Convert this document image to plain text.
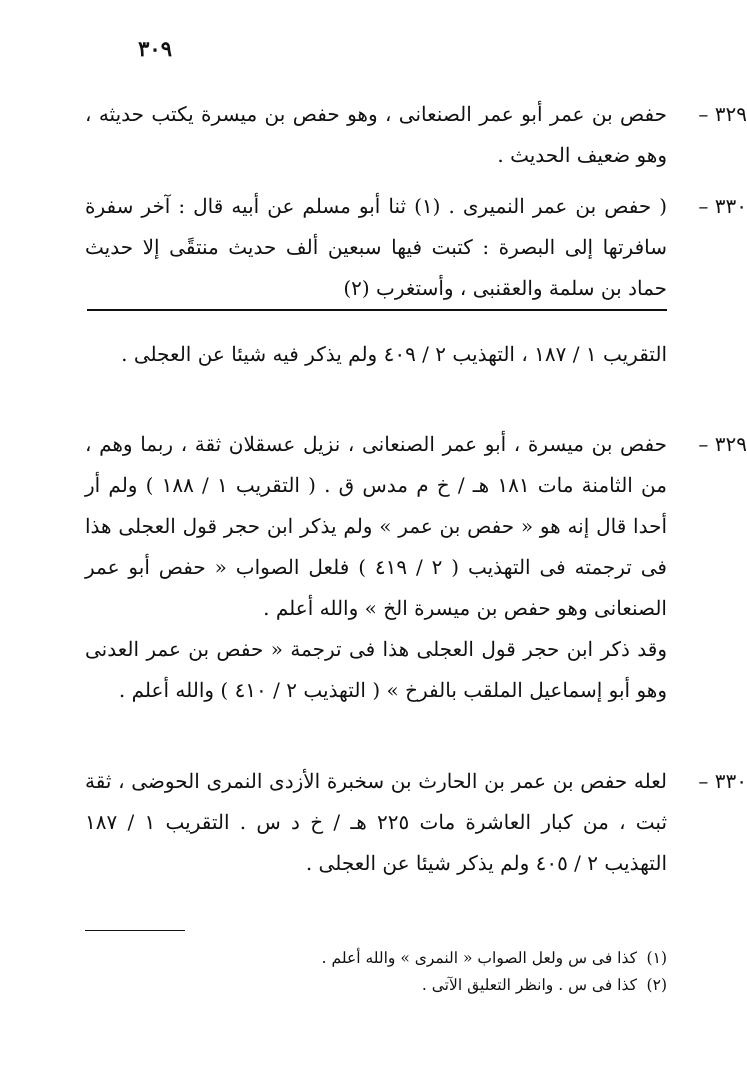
٣٠٩
٣٢٩ –

حفص بن عمر أبو عمر الصنعانى ، وهو حفص بن ميسرة يكتب حديثه ، وهو ضعيف الحديث .

٣٣٠ –

( حفص بن عمر النميرى . (١) ثنا أبو مسلم عن أبيه قال : آخر سفرة سافرتها إلى البصرة : كتبت فيها سبعين ألف حديث منتقًى إلا حديث حماد بن سلمة والعقنبى ، وأستغرب (٢)

التقريب ١ / ١٨٧ ، التهذيب ٢ / ٤٠٩ ولم يذكر فيه شيئا عن العجلى .

٣٢٩ –

حفص بن ميسرة ، أبو عمر الصنعانى ، نزيل عسقلان ثقة ، ربما وهم ، من الثامنة مات ١٨١ هـ / خ م مدس ق . ( التقريب ١ / ١٨٨ ) ولم أر أحدا قال إنه هو « حفص بن عمر » ولم يذكر ابن حجر قول العجلى هذا فى ترجمته فى التهذيب ( ٢ / ٤١٩ ) فلعل الصواب « حفص أبو عمر الصنعانى وهو حفص بن ميسرة الخ » والله أعلم .

وقد ذكر ابن حجر قول العجلى هذا فى ترجمة « حفص بن عمر العدنى وهو أبو إسماعيل الملقب بالفرخ » ( التهذيب ٢ / ٤١٠ ) والله أعلم .

٣٣٠ –

لعله حفص بن عمر بن الحارث بن سخبرة الأزدى النمرى الحوضى ، ثقة ثبت ، من كبار العاشرة مات ٢٢٥ هـ / خ د س . التقريب ١ / ١٨٧ التهذيب ٢ / ٤٠٥ ولم يذكر شيئا عن العجلى .

(١)
كذا فى س ولعل الصواب « النمرى » والله أعلم .
(٢)
كذا فى س . وانظر التعليق الآتى .
